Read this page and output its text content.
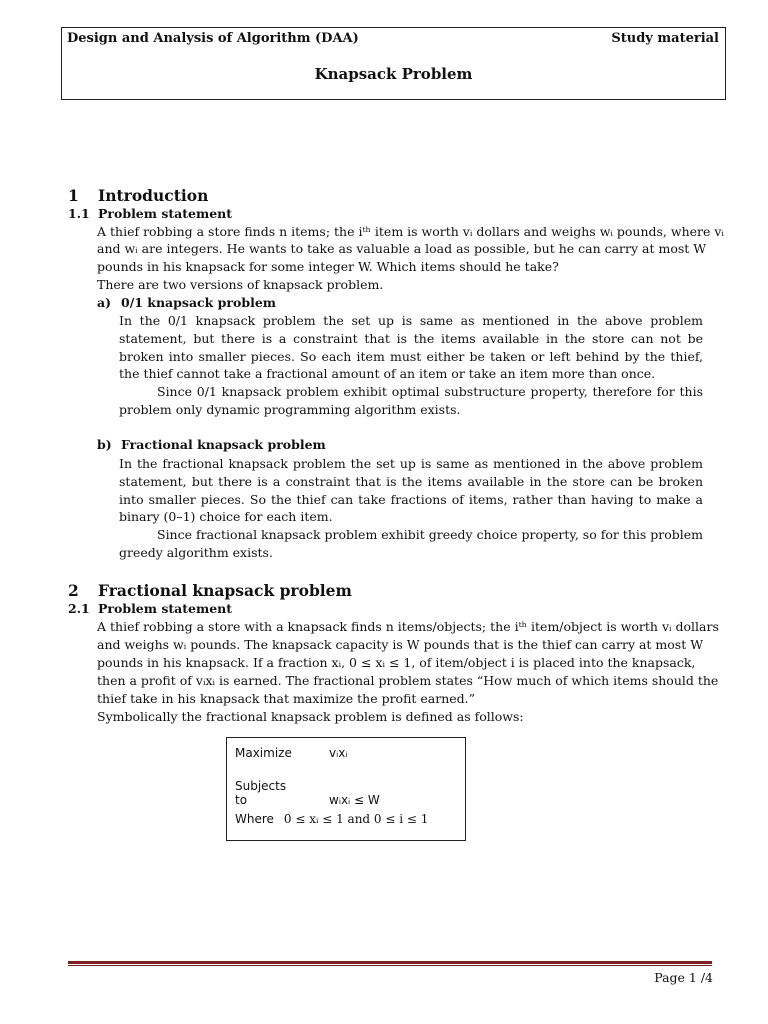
Design and Analysis of Algorithm (DAA)	Study material
Knapsack Problem
1 Introduction
1.1 Problem statement
A thief robbing a store finds n items; the iᵗʰ item is worth vᵢ dollars and weighs wᵢ pounds, where vᵢ
and wᵢ are integers. He wants to take as valuable a load as possible, but he can carry at most W
pounds in his knapsack for some integer W. Which items should he take?
There are two versions of knapsack problem.
a) 0/1 knapsack problem
In the 0/1 knapsack problem the set up is same as mentioned in the above problem statement, but there is a constraint that is the items available in the store can not be broken into smaller pieces. So each item must either be taken or left behind by the thief, the thief cannot take a fractional amount of an item or take an item more than once.
Since 0/1 knapsack problem exhibit optimal substructure property, therefore for this problem only dynamic programming algorithm exists.
b) Fractional knapsack problem
In the fractional knapsack problem the set up is same as mentioned in the above problem statement, but there is a constraint that is the items available in the store can be broken into smaller pieces. So the thief can take fractions of items, rather than having to make a binary (0–1) choice for each item.
Since fractional knapsack problem exhibit greedy choice property, so for this problem greedy algorithm exists.
2 Fractional knapsack problem
2.1 Problem statement
A thief robbing a store with a knapsack finds n items/objects; the iᵗʰ item/object is worth vᵢ dollars
and weighs wᵢ pounds. The knapsack capacity is W pounds that is the thief can carry at most W
pounds in his knapsack. If a fraction xᵢ, 0 ≤ xᵢ ≤ 1, of item/object i is placed into the knapsack,
then a profit of vᵢxᵢ is earned. The fractional problem states “How much of which items should the
thief take in his knapsack that maximize the profit earned.”
Symbolically the fractional knapsack problem is defined as follows:
Maximize	vᵢxᵢ
Subjects to	wᵢxᵢ ≤ W
Where 0 ≤ xᵢ ≤ 1 and 0 ≤ i ≤ 1
Page 1 /4
